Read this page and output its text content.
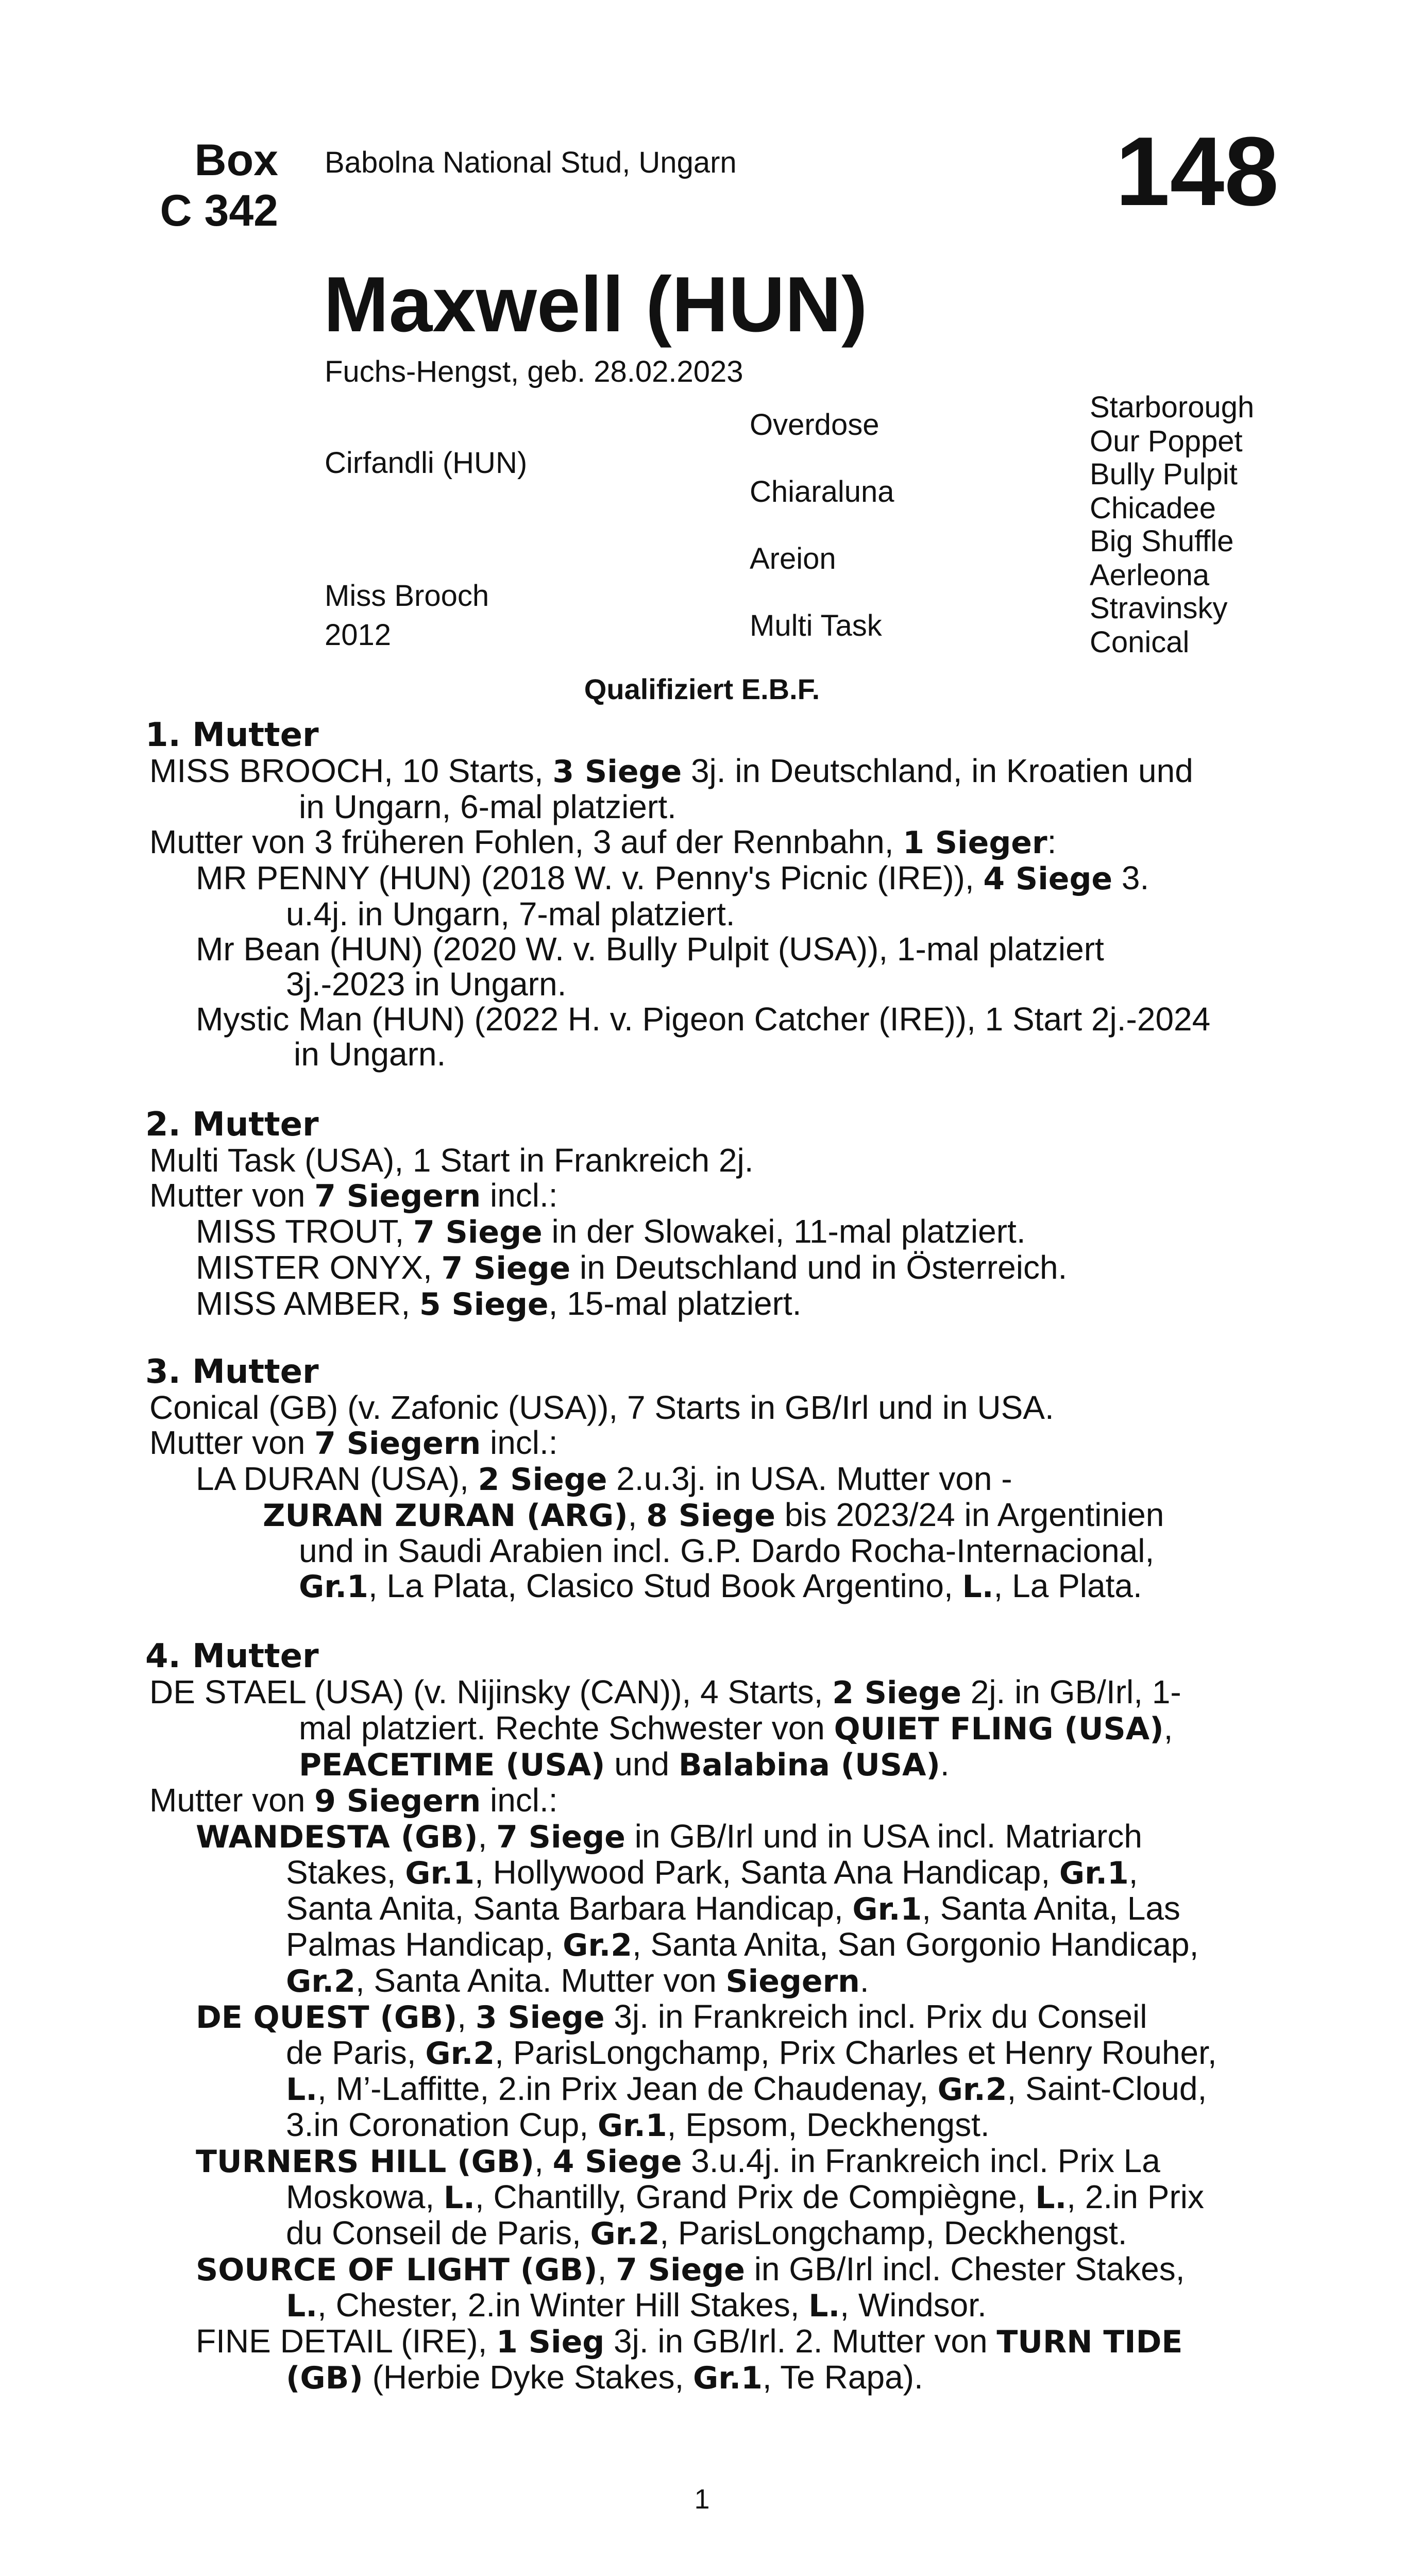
Box
C 342
Babolna National Stud, Ungarn	148
Maxwell (HUN)
Fuchs-Hengst, geb. 28.02.2023
Cirfandli (HUN)
Miss Brooch
2012
Overdose
Chiaraluna
Areion
Multi Task
Starborough
Our Poppet
Bully Pulpit
Chicadee
Big Shuffle
Aerleona
Stravinsky
Conical
Qualifiziert E.B.F.
1. Mutter
MISS BROOCH, 10 Starts, 3 Siege 3j. in Deutschland, in Kroatien und
in Ungarn, 6-mal platziert.
Mutter von 3 früheren Fohlen, 3 auf der Rennbahn, 1 Sieger:
MR PENNY (HUN) (2018 W. v. Penny's Picnic (IRE)), 4 Siege 3.
u.4j. in Ungarn, 7-mal platziert.
Mr Bean (HUN) (2020 W. v. Bully Pulpit (USA)), 1-mal platziert
3j.-2023 in Ungarn.
Mystic Man (HUN) (2022 H. v. Pigeon Catcher (IRE)), 1 Start 2j.-2024
in Ungarn.
2. Mutter
Multi Task (USA), 1 Start in Frankreich 2j.
Mutter von 7 Siegern incl.:
MISS TROUT, 7 Siege in der Slowakei, 11-mal platziert.
MISTER ONYX, 7 Siege in Deutschland und in Österreich.
MISS AMBER, 5 Siege, 15-mal platziert.
3. Mutter
Conical (GB) (v. Zafonic (USA)), 7 Starts in GB/Irl und in USA.
Mutter von 7 Siegern incl.:
LA DURAN (USA), 2 Siege 2.u.3j. in USA. Mutter von -
ZURAN ZURAN (ARG), 8 Siege bis 2023/24 in Argentinien
und in Saudi Arabien incl. G.P. Dardo Rocha-Internacional,
Gr.1, La Plata, Clasico Stud Book Argentino, L., La Plata.
4. Mutter
DE STAEL (USA) (v. Nijinsky (CAN)), 4 Starts, 2 Siege 2j. in GB/Irl, 1-
mal platziert. Rechte Schwester von QUIET FLING (USA),
PEACETIME (USA) und Balabina (USA).
Mutter von 9 Siegern incl.:
WANDESTA (GB), 7 Siege in GB/Irl und in USA incl. Matriarch
Stakes, Gr.1, Hollywood Park, Santa Ana Handicap, Gr.1,
Santa Anita, Santa Barbara Handicap, Gr.1, Santa Anita, Las
Palmas Handicap, Gr.2, Santa Anita, San Gorgonio Handicap,
Gr.2, Santa Anita. Mutter von Siegern.
DE QUEST (GB), 3 Siege 3j. in Frankreich incl. Prix du Conseil
de Paris, Gr.2, ParisLongchamp, Prix Charles et Henry Rouher,
L., M’-Laffitte, 2.in Prix Jean de Chaudenay, Gr.2, Saint-Cloud,
3.in Coronation Cup, Gr.1, Epsom, Deckhengst.
TURNERS HILL (GB), 4 Siege 3.u.4j. in Frankreich incl. Prix La
Moskowa, L., Chantilly, Grand Prix de Compiègne, L., 2.in Prix
du Conseil de Paris, Gr.2, ParisLongchamp, Deckhengst.
SOURCE OF LIGHT (GB), 7 Siege in GB/Irl incl. Chester Stakes,
L., Chester, 2.in Winter Hill Stakes, L., Windsor.
FINE DETAIL (IRE), 1 Sieg 3j. in GB/Irl. 2. Mutter von TURN TIDE
(GB) (Herbie Dyke Stakes, Gr.1, Te Rapa).
1
